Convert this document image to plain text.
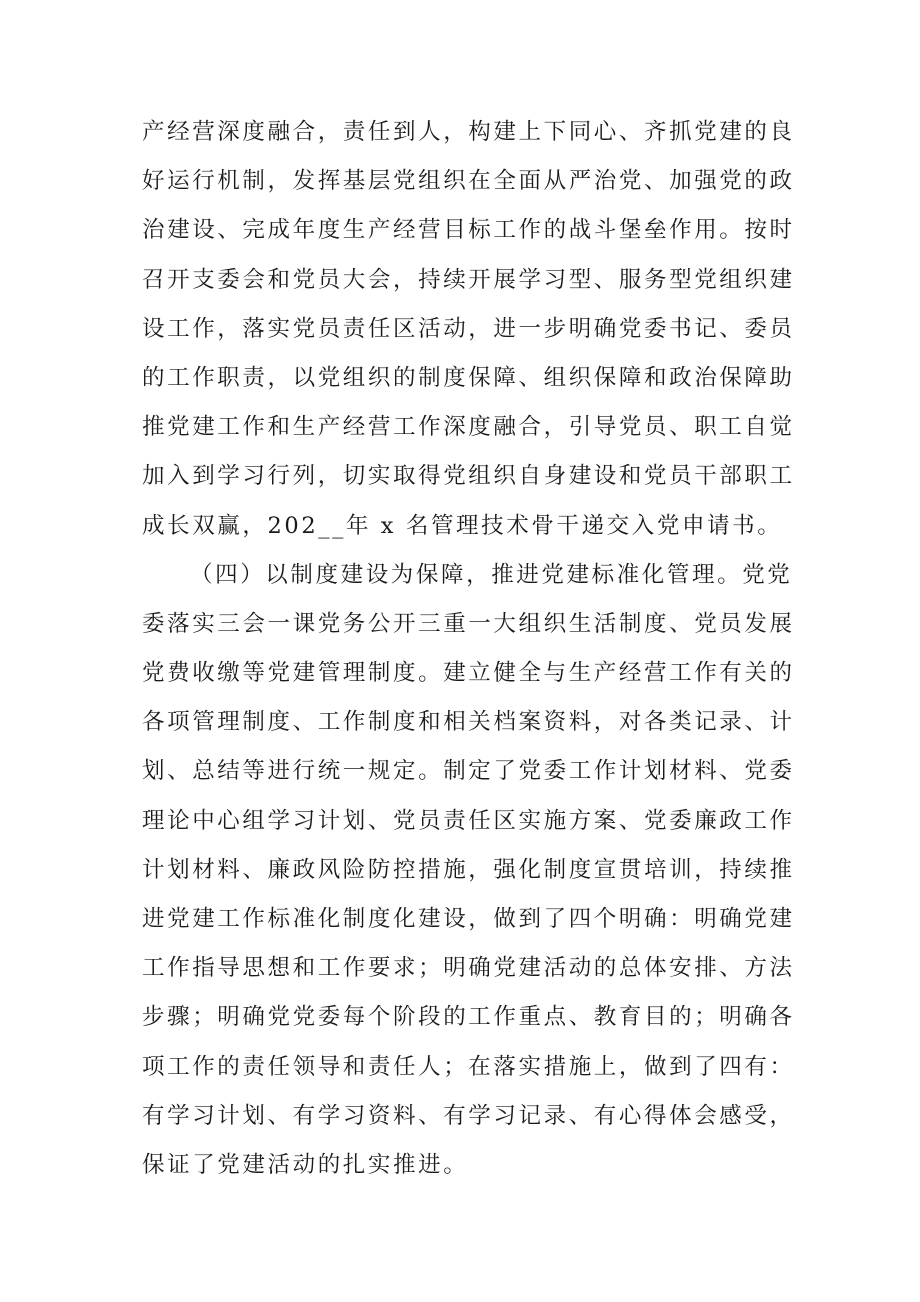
产经营深度融合，责任到人，构建上下同心、齐抓党建的良
好运行机制，发挥基层党组织在全面从严治党、加强党的政
治建设、完成年度生产经营目标工作的战斗堡垒作用。按时
召开支委会和党员大会，持续开展学习型、服务型党组织建
设工作，落实党员责任区活动，进一步明确党委书记、委员
的工作职责，以党组织的制度保障、组织保障和政治保障助
推党建工作和生产经营工作深度融合，引导党员、职工自觉
加入到学习行列，切实取得党组织自身建设和党员干部职工
成长双赢，202__年 x 名管理技术骨干递交入党申请书。
（四）以制度建设为保障，推进党建标准化管理。党党
委落实三会一课党务公开三重一大组织生活制度、党员发展
党费收缴等党建管理制度。建立健全与生产经营工作有关的
各项管理制度、工作制度和相关档案资料，对各类记录、计
划、总结等进行统一规定。制定了党委工作计划材料、党委
理论中心组学习计划、党员责任区实施方案、党委廉政工作
计划材料、廉政风险防控措施，强化制度宣贯培训，持续推
进党建工作标准化制度化建设，做到了四个明确：明确党建
工作指导思想和工作要求；明确党建活动的总体安排、方法
步骤；明确党党委每个阶段的工作重点、教育目的；明确各
项工作的责任领导和责任人；在落实措施上，做到了四有：
有学习计划、有学习资料、有学习记录、有心得体会感受，
保证了党建活动的扎实推进。
